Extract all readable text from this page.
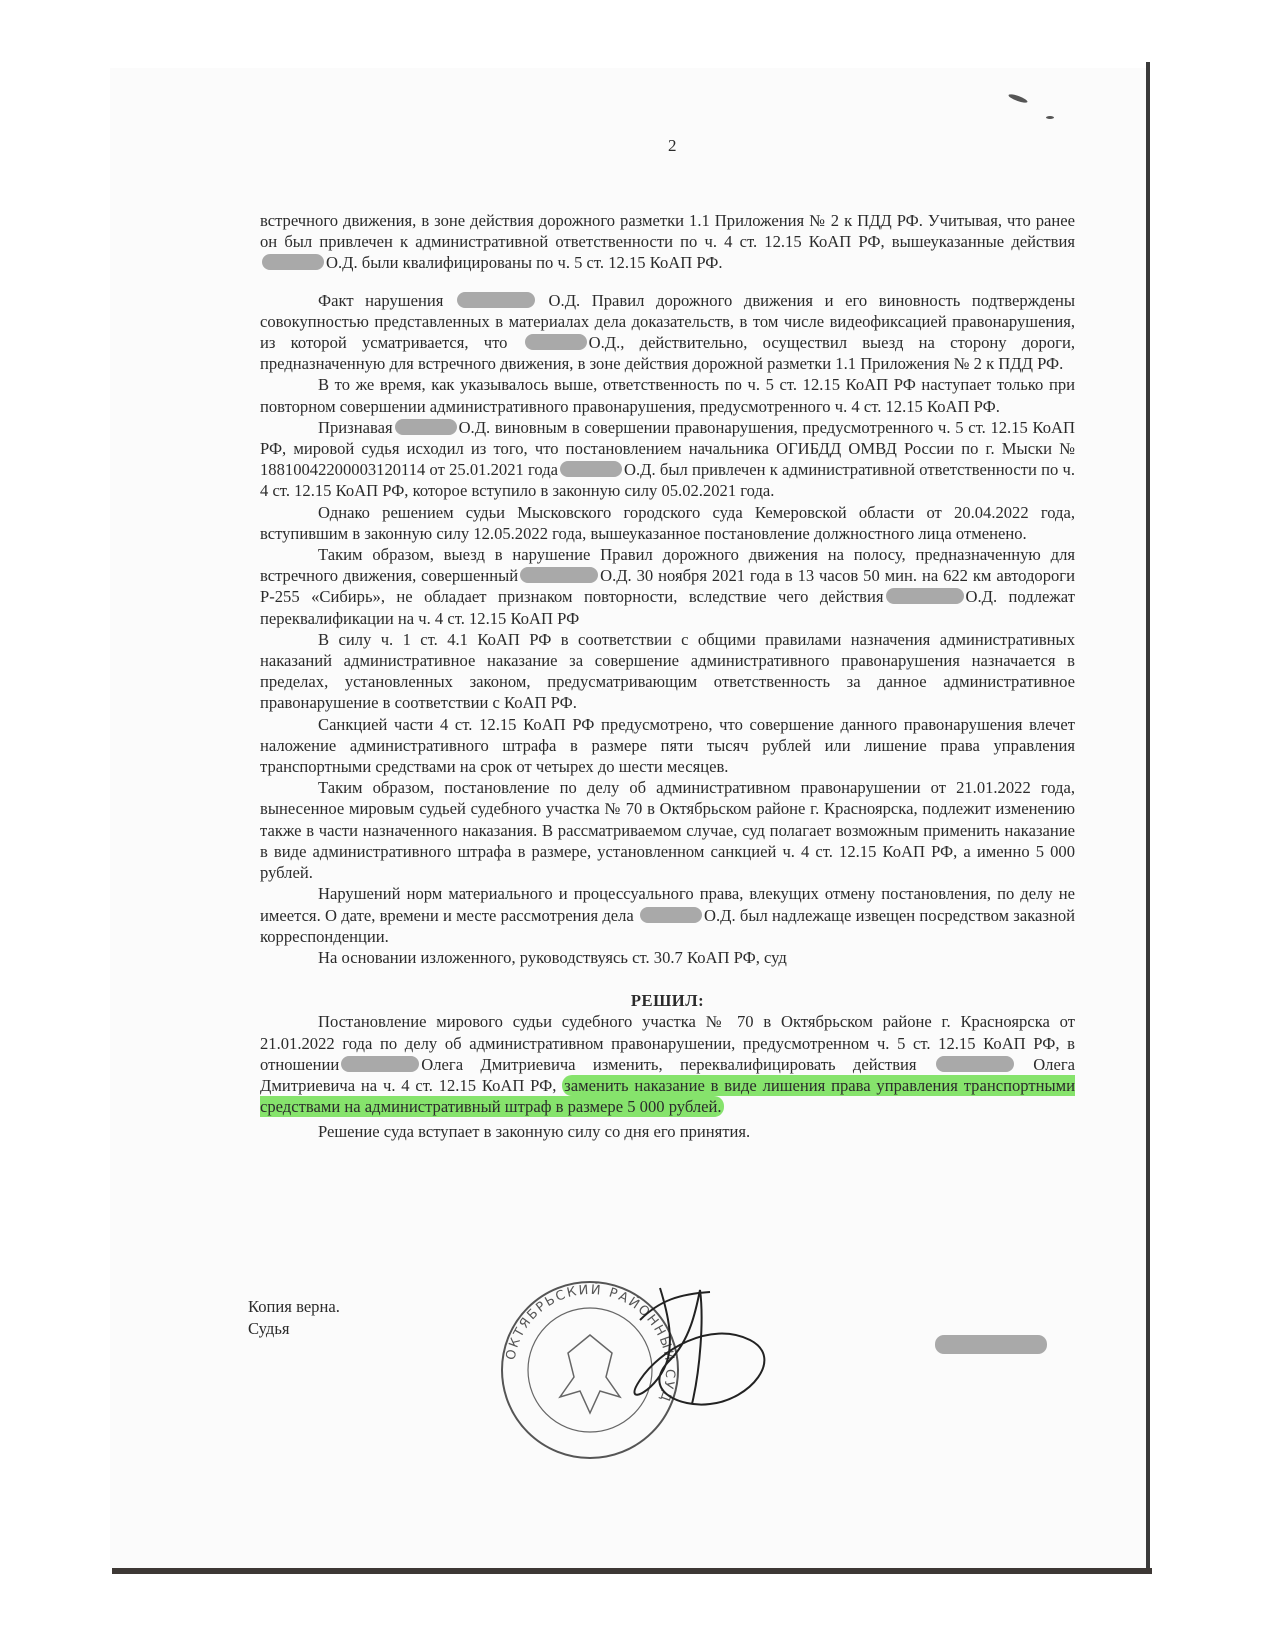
2

встречного движения, в зоне действия дорожного разметки 1.1 Приложения № 2 к ПДД РФ. Учитывая, что ранее он был привлечен к административной ответственности по ч. 4 ст. 12.15 КоАП РФ, вышеуказанные действияО.Д. были квалифицированы по ч. 5 ст. 12.15 КоАП РФ.

Факт нарушения	О.Д. Правил дорожного движения и его виновность подтверждены совокупностью представленных в материалах дела доказательств, в том числе видеофиксацией правонарушения, из которой усматривается, что	О.Д., действительно, осуществил выезд на сторону дороги, предназначенную для встречного движения, в зоне действия дорожной разметки 1.1 Приложения № 2 к ПДД РФ.

В то же время, как указывалось выше, ответственность по ч. 5 ст. 12.15 КоАП РФ наступает только при повторном совершении административного правонарушения, предусмотренного ч. 4 ст. 12.15 КоАП РФ.

Признавая	О.Д. виновным в совершении правонарушения, предусмотренного ч. 5 ст. 12.15 КоАП РФ, мировой судья исходил из того, что постановлением начальника ОГИБДД ОМВД России по г. Мыски № 18810042200003120114 от 25.01.2021 года	О.Д. был привлечен к административной ответственности по ч. 4 ст. 12.15 КоАП РФ, которое вступило в законную силу 05.02.2021 года.

Однако решением судьи Мысковского городского суда Кемеровской области от 20.04.2022 года, вступившим в законную силу 12.05.2022 года, вышеуказанное постановление должностного лица отменено.

Таким образом, выезд в нарушение Правил дорожного движения на полосу, предназначенную для встречного движения, совершенный	О.Д. 30 ноября 2021 года в 13 часов 50 мин. на 622 км автодороги Р-255 «Сибирь», не обладает признаком повторности, вследствие чего действия	О.Д. подлежат переквалификации на ч. 4 ст. 12.15 КоАП РФ

В силу ч. 1 ст. 4.1 КоАП РФ в соответствии с общими правилами назначения административных наказаний административное наказание за совершение административного правонарушения назначается в пределах, установленных законом, предусматривающим ответственность за данное административное правонарушение в соответствии с КоАП РФ.

Санкцией части 4 ст. 12.15 КоАП РФ предусмотрено, что совершение данного правонарушения влечет наложение административного штрафа в размере пяти тысяч рублей или лишение права управления транспортными средствами на срок от четырех до шести месяцев.

Таким образом, постановление по делу об административном правонарушении от 21.01.2022 года, вынесенное мировым судьей судебного участка № 70 в Октябрьском районе г. Красноярска, подлежит изменению также в части назначенного наказания. В рассматриваемом случае, суд полагает возможным применить наказание в виде административного штрафа в размере, установленном санкцией ч. 4 ст. 12.15 КоАП РФ, а именно 5 000 рублей.

Нарушений норм материального и процессуального права, влекущих отмену постановления, по делу не имеется. О дате, времени и месте рассмотрения дела	О.Д. был надлежаще извещен посредством заказной корреспонденции.

На основании изложенного, руководствуясь ст. 30.7 КоАП РФ, суд

РЕШИЛ:

Постановление мирового судьи судебного участка № 70 в Октябрьском районе г. Красноярска от 21.01.2022 года по делу об административном правонарушении, предусмотренном ч. 5 ст. 12.15 КоАП РФ, в отношении	Олега Дмитриевича изменить, переквалифицировать действия	Олега Дмитриевича на ч. 4 ст. 12.15 КоАП РФ, заменить наказание в виде лишения права управления транспортными средствами на административный штраф в размере 5 000 рублей.

Решение суда вступает в законную силу со дня его принятия.

Копия верна.
Судья
ОКТЯБРЬСКИЙ РАЙОННЫЙ СУД
